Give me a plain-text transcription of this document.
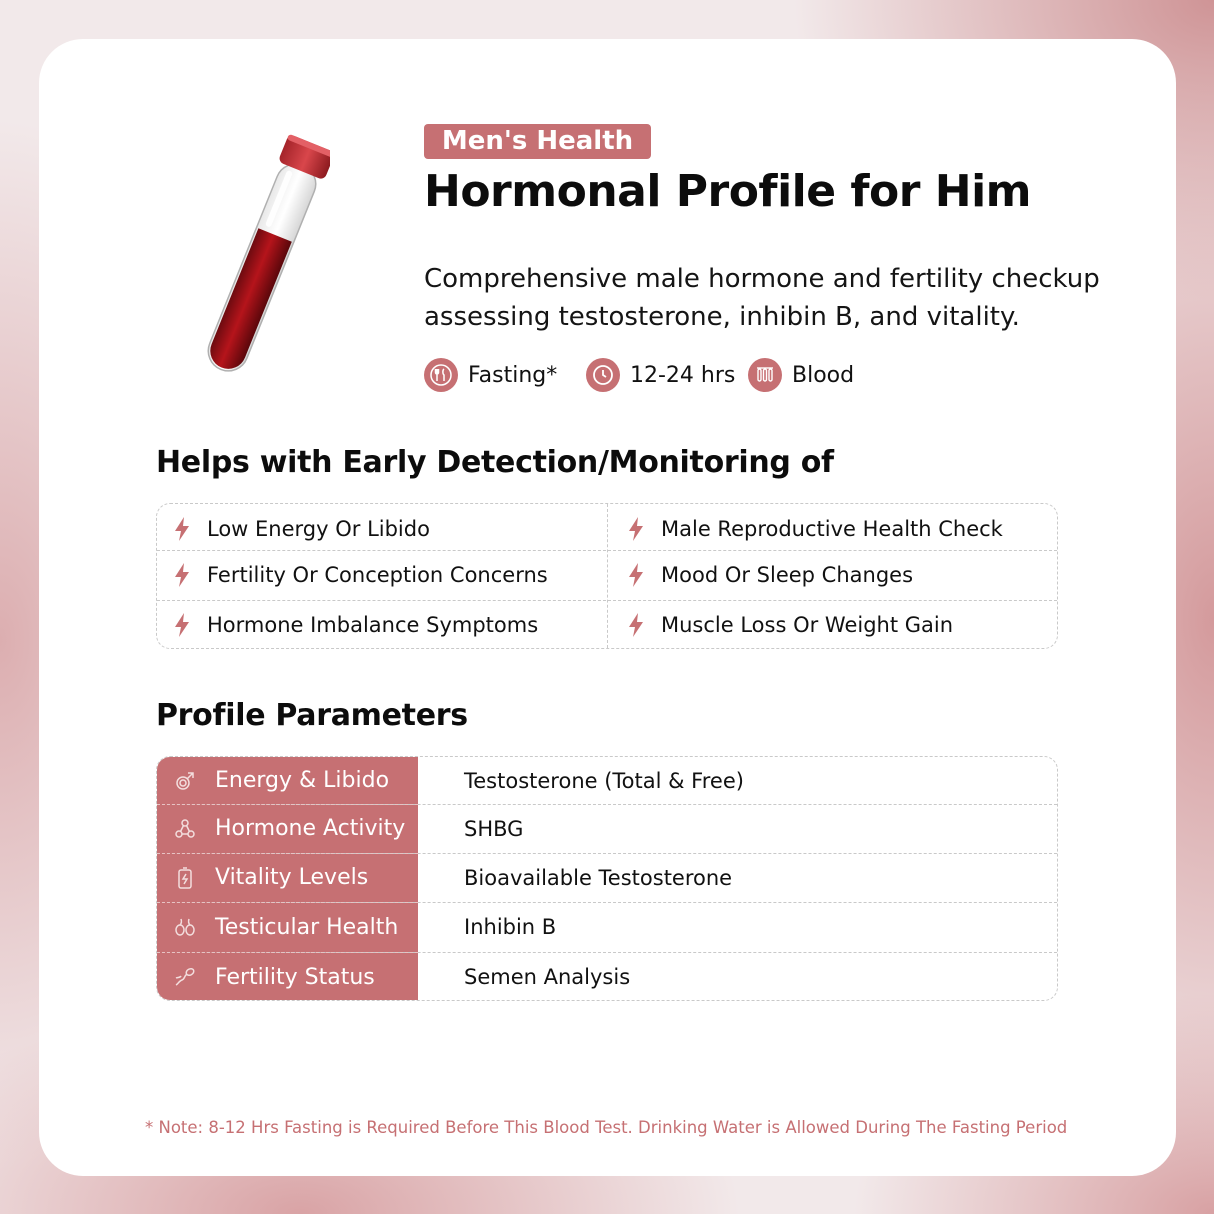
Men's Health
Hormonal Profile for Him
Comprehensive male hormone and fertility checkup assessing testosterone, inhibin B, and vitality.
Fasting*	12-24 hrs	Blood
Helps with Early Detection/Monitoring of
Low Energy Or Libido	Male Reproductive Health Check
Fertility Or Conception Concerns	Mood Or Sleep Changes
Hormone Imbalance Symptoms	Muscle Loss Or Weight Gain
Profile Parameters
Energy & Libido	Testosterone (Total & Free)
Hormone Activity	SHBG
Vitality Levels	Bioavailable Testosterone
Testicular Health	Inhibin B
Fertility Status	Semen Analysis
* Note: 8-12 Hrs Fasting is Required Before This Blood Test. Drinking Water is Allowed During The Fasting Period
